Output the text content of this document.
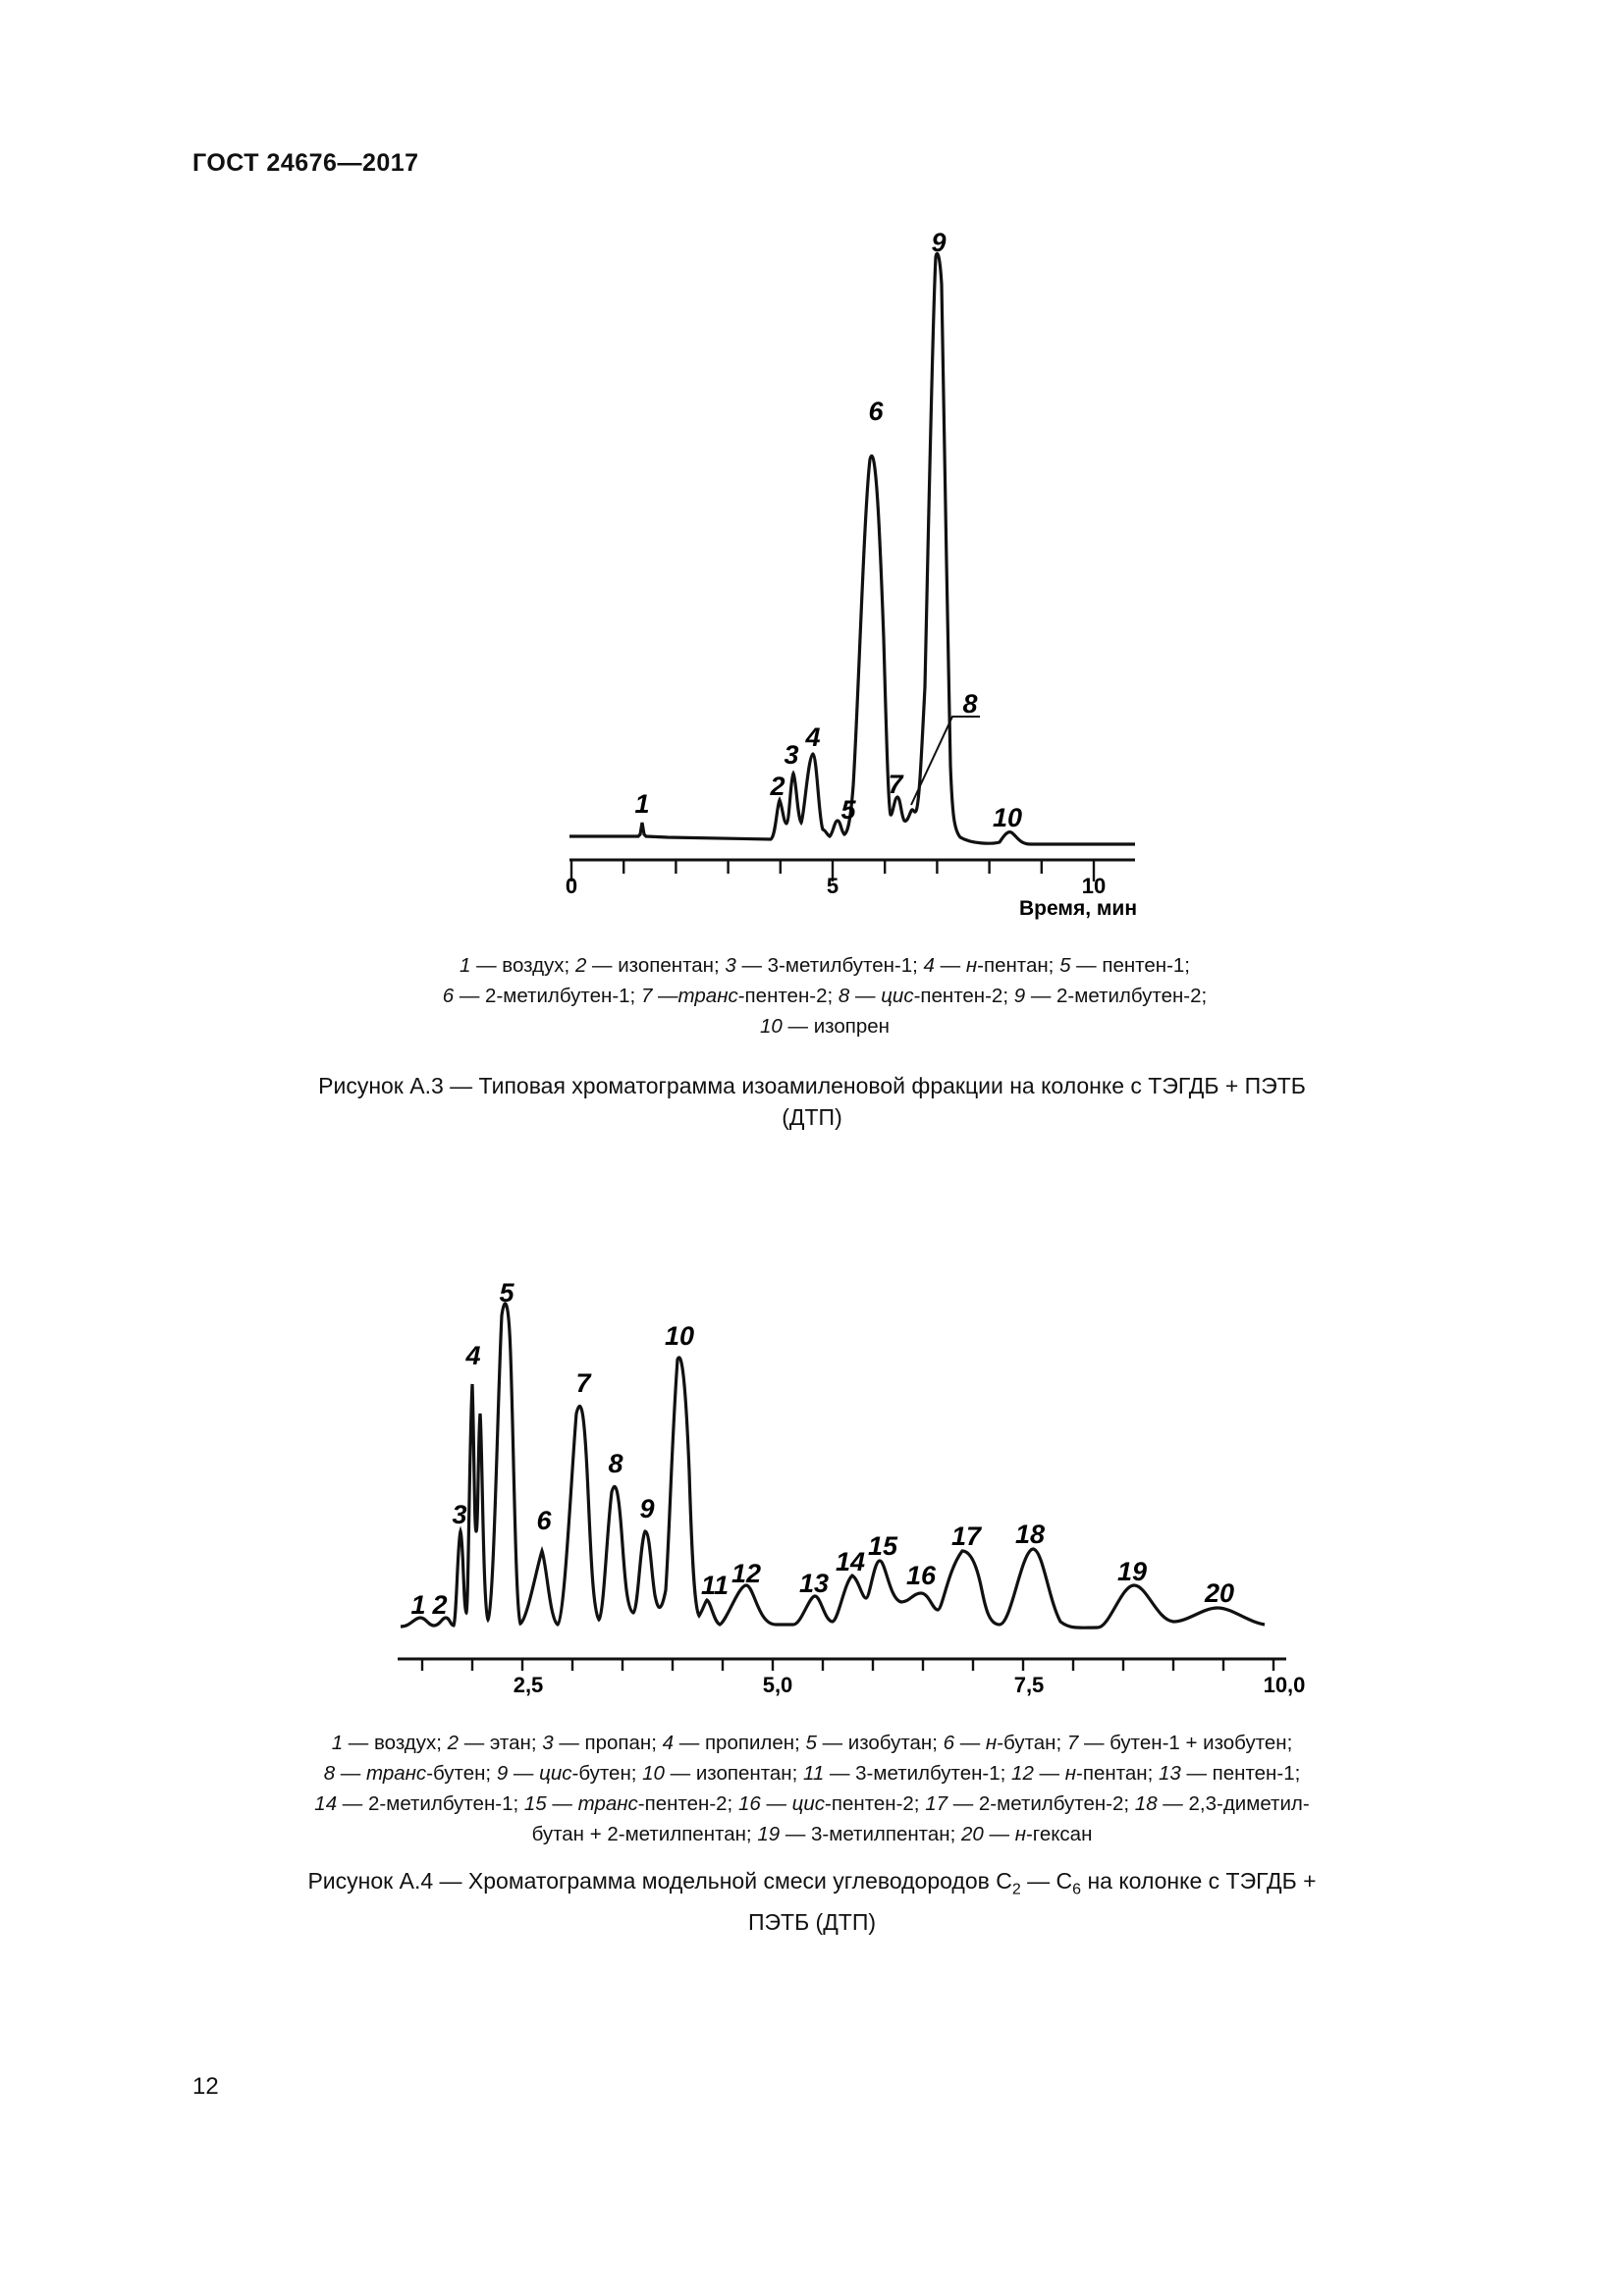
ГОСТ 24676—2017
0	5	10
Время, мин
1
2
3
4
5
6
7
8
9
10
1 — воздух; 2 — изопентан; 3 — 3-метилбутен-1; 4 — н-пентан; 5 — пентен-1;
6 — 2-метилбутен-1; 7 —транс-пентен-2; 8 — цис-пентен-2; 9 — 2-метилбутен-2;
10 — изопрен
Рисунок А.3 — Типовая хроматограмма изоамиленовой фракции на колонке с ТЭГДБ + ПЭТБ (ДТП)
2,5	5,0	7,5	10,0
1 2
3
4
5
6
7
8
9
10
11 12 13
14
15
16
17 18
19
20
1 — воздух; 2 — этан; 3 — пропан; 4 — пропилен; 5 — изобутан; 6 — н-бутан; 7 — бутен-1 + изобутен;
8 — транс-бутен; 9 — цис-бутен; 10 — изопентан; 11 — 3-метилбутен-1; 12 — н-пентан; 13 — пентен-1;
14 — 2-метилбутен-1; 15 — транс-пентен-2; 16 — цис-пентен-2; 17 — 2-метилбутен-2; 18 — 2,3-диметил-
бутан + 2-метилпентан; 19 — 3-метилпентан; 20 — н-гексан
Рисунок А.4 — Хроматограмма модельной смеси углеводородов $С_2$ — $С_6$ на колонке с ТЭГДБ + ПЭТБ (ДТП)
12
